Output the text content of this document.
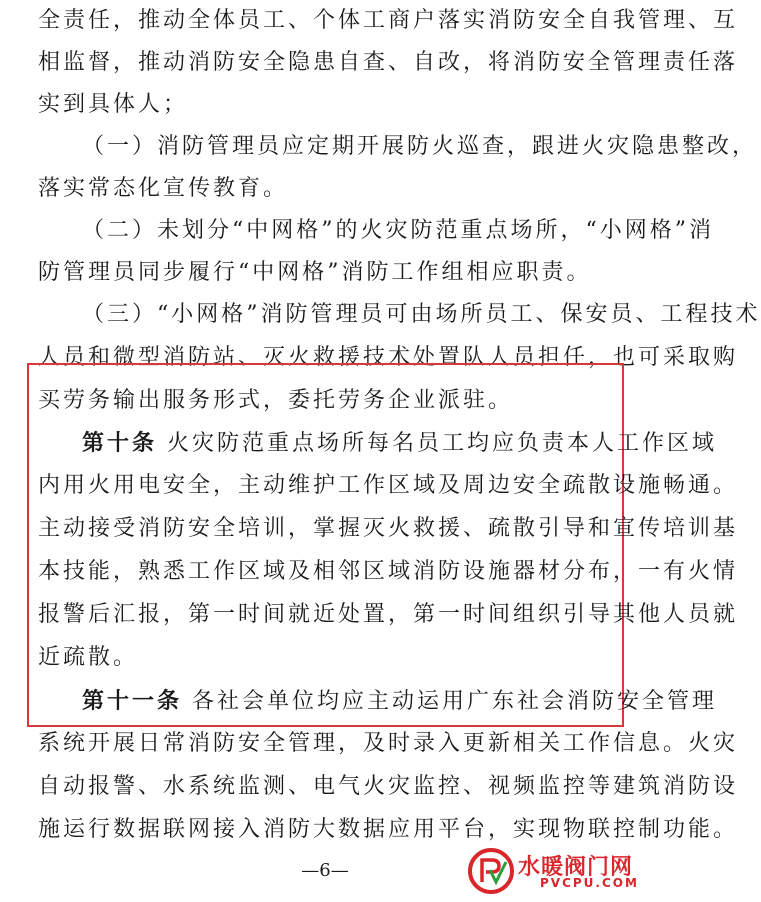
全责任，推动全体员工、个体工商户落实消防安全自我管理、互
相监督，推动消防安全隐患自查、自改，将消防安全管理责任落
实到具体人；
（一）消防管理员应定期开展防火巡查，跟进火灾隐患整改，
落实常态化宣传教育。
（二）未划分“中网格”的火灾防范重点场所，“小网格”消
防管理员同步履行“中网格”消防工作组相应职责。
（三）“小网格”消防管理员可由场所员工、保安员、工程技术
人员和微型消防站、灭火救援技术处置队人员担任，也可采取购
买劳务输出服务形式，委托劳务企业派驻。
第十条 火灾防范重点场所每名员工均应负责本人工作区域
内用火用电安全，主动维护工作区域及周边安全疏散设施畅通。
主动接受消防安全培训，掌握灭火救援、疏散引导和宣传培训基
本技能，熟悉工作区域及相邻区域消防设施器材分布，一有火情
报警后汇报，第一时间就近处置，第一时间组织引导其他人员就
近疏散。
第十一条 各社会单位均应主动运用广东社会消防安全管理
系统开展日常消防安全管理，及时录入更新相关工作信息。火灾
自动报警、水系统监测、电气火灾监控、视频监控等建筑消防设
施运行数据联网接入消防大数据应用平台，实现物联控制功能。
—6—	水暖阀门网
PVCPU.COM
